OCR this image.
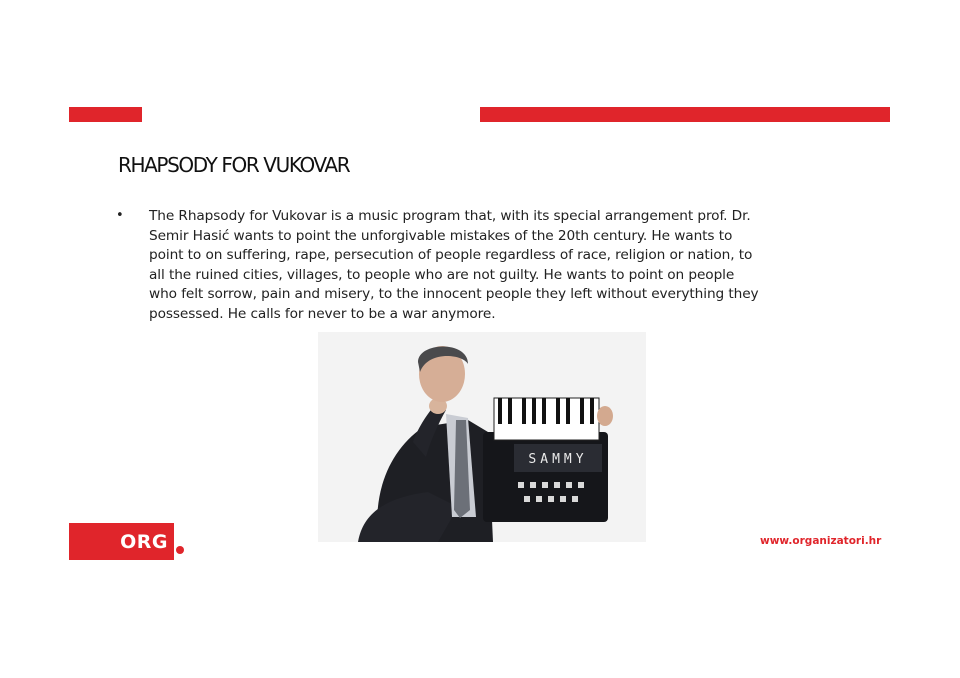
RHAPSODY FOR VUKOVAR
• The Rhapsody for Vukovar is a music program that, with its special arrangement prof. Dr.
Semir Hasić wants to point the unforgivable mistakes of the 20th century. He wants to
point to on suffering, rape, persecution of people regardless of race, religion or nation, to
all the ruined cities, villages, to people who are not guilty. He wants to point on people
who felt sorrow, pain and misery, to the innocent people they left without everything they
possessed. He calls for never to be a war anymore.
SAMMY
ORG	www.organizatori.hr
